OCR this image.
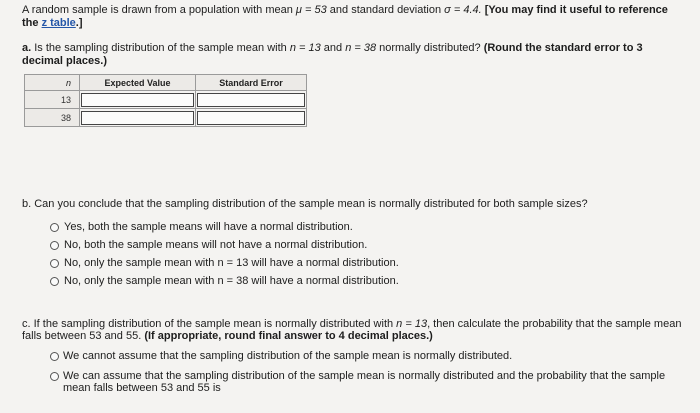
A random sample is drawn from a population with mean μ = 53 and standard deviation σ = 4.4. [You may find it useful to reference the z table.]
a. Is the sampling distribution of the sample mean with n = 13 and n = 38 normally distributed? (Round the standard error to 3 decimal places.)
n	Expected Value	Standard Error
13	

38	

b. Can you conclude that the sampling distribution of the sample mean is normally distributed for both sample sizes?
Yes, both the sample means will have a normal distribution.
No, both the sample means will not have a normal distribution.
No, only the sample mean with n = 13 will have a normal distribution.
No, only the sample mean with n = 38 will have a normal distribution.
c. If the sampling distribution of the sample mean is normally distributed with n = 13, then calculate the probability that the sample mean falls between 53 and 55. (If appropriate, round final answer to 4 decimal places.)
We cannot assume that the sampling distribution of the sample mean is normally distributed.
We can assume that the sampling distribution of the sample mean is normally distributed and the probability that the sample mean falls between 53 and 55 is
